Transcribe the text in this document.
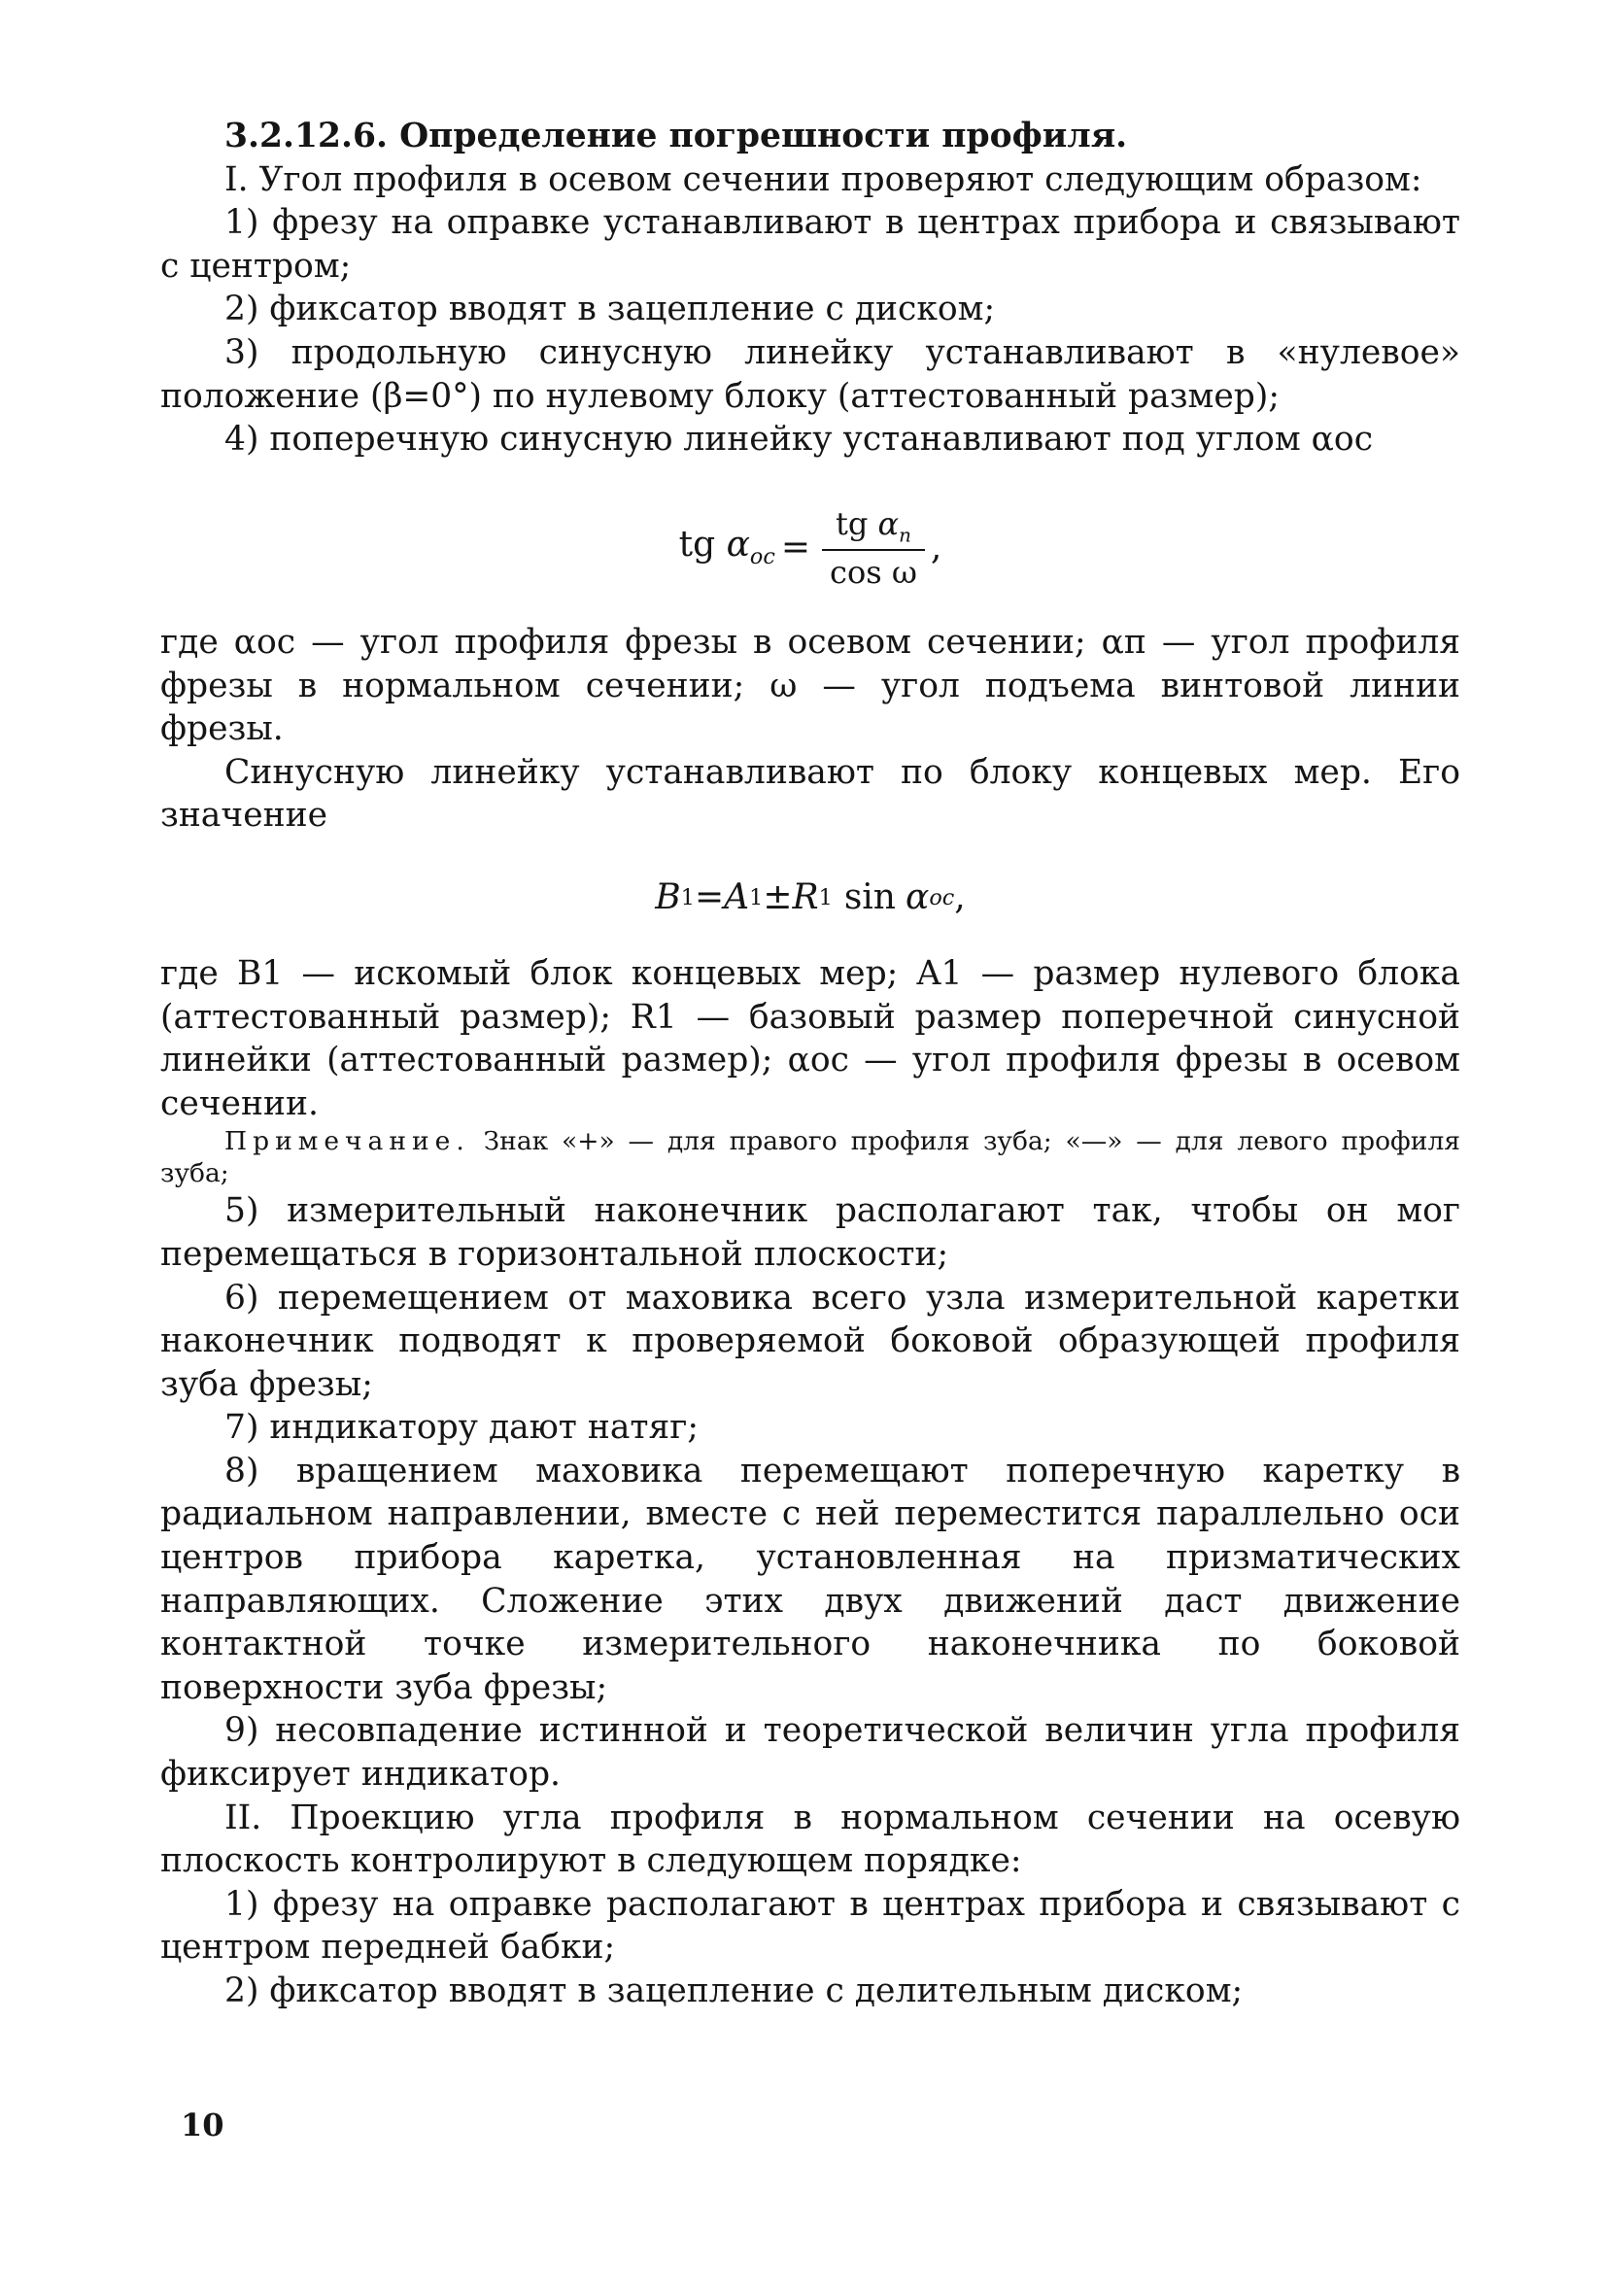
3.2.12.6. Определение погрешности профиля.

I. Угол профиля в осевом сечении проверяют следующим образом:

1) фрезу на оправке устанавливают в центрах прибора и связывают с центром;

2) фиксатор вводят в зацепление с диском;

3) продольную синусную линейку устанавливают в «нулевое» положение (β=0°) по нулевому блоку (аттестованный размер);

4) поперечную синусную линейку устанавливают под углом αос

tg $\alpha_{ос} = \frac{tg \alpha_п}{\text{cos ω}}$ ,

где αос — угол профиля фрезы в осевом сечении; αп — угол профиля фрезы в нормальном сечении; ω — угол подъема винтовой линии фрезы.

Синусную линейку устанавливают по блоку концевых мер. Его значение

B 1 = A 1 ± R 1 sin α ос ,

где B1 — искомый блок концевых мер; A1 — размер нулевого блока (аттестованный размер); R1 — базовый размер поперечной синусной линейки (аттестованный размер); αос — угол профиля фрезы в осевом сечении.

Примечание. Знак «+» — для правого профиля зуба; «—» — для левого профиля зуба;

5) измерительный наконечник располагают так, чтобы он мог перемещаться в горизонтальной плоскости;

6) перемещением от маховика всего узла измерительной каретки наконечник подводят к проверяемой боковой образующей профиля зуба фрезы;

7) индикатору дают натяг;

8) вращением маховика перемещают поперечную каретку в радиальном направлении, вместе с ней переместится параллельно оси центров прибора каретка, установленная на призматических направляющих. Сложение этих двух движений даст движение контактной точке измерительного наконечника по боковой поверхности зуба фрезы;

9) несовпадение истинной и теоретической величин угла профиля фиксирует индикатор.

II. Проекцию угла профиля в нормальном сечении на осевую плоскость контролируют в следующем порядке:

1) фрезу на оправке располагают в центрах прибора и связывают с центром передней бабки;

2) фиксатор вводят в зацепление с делительным диском;

10
